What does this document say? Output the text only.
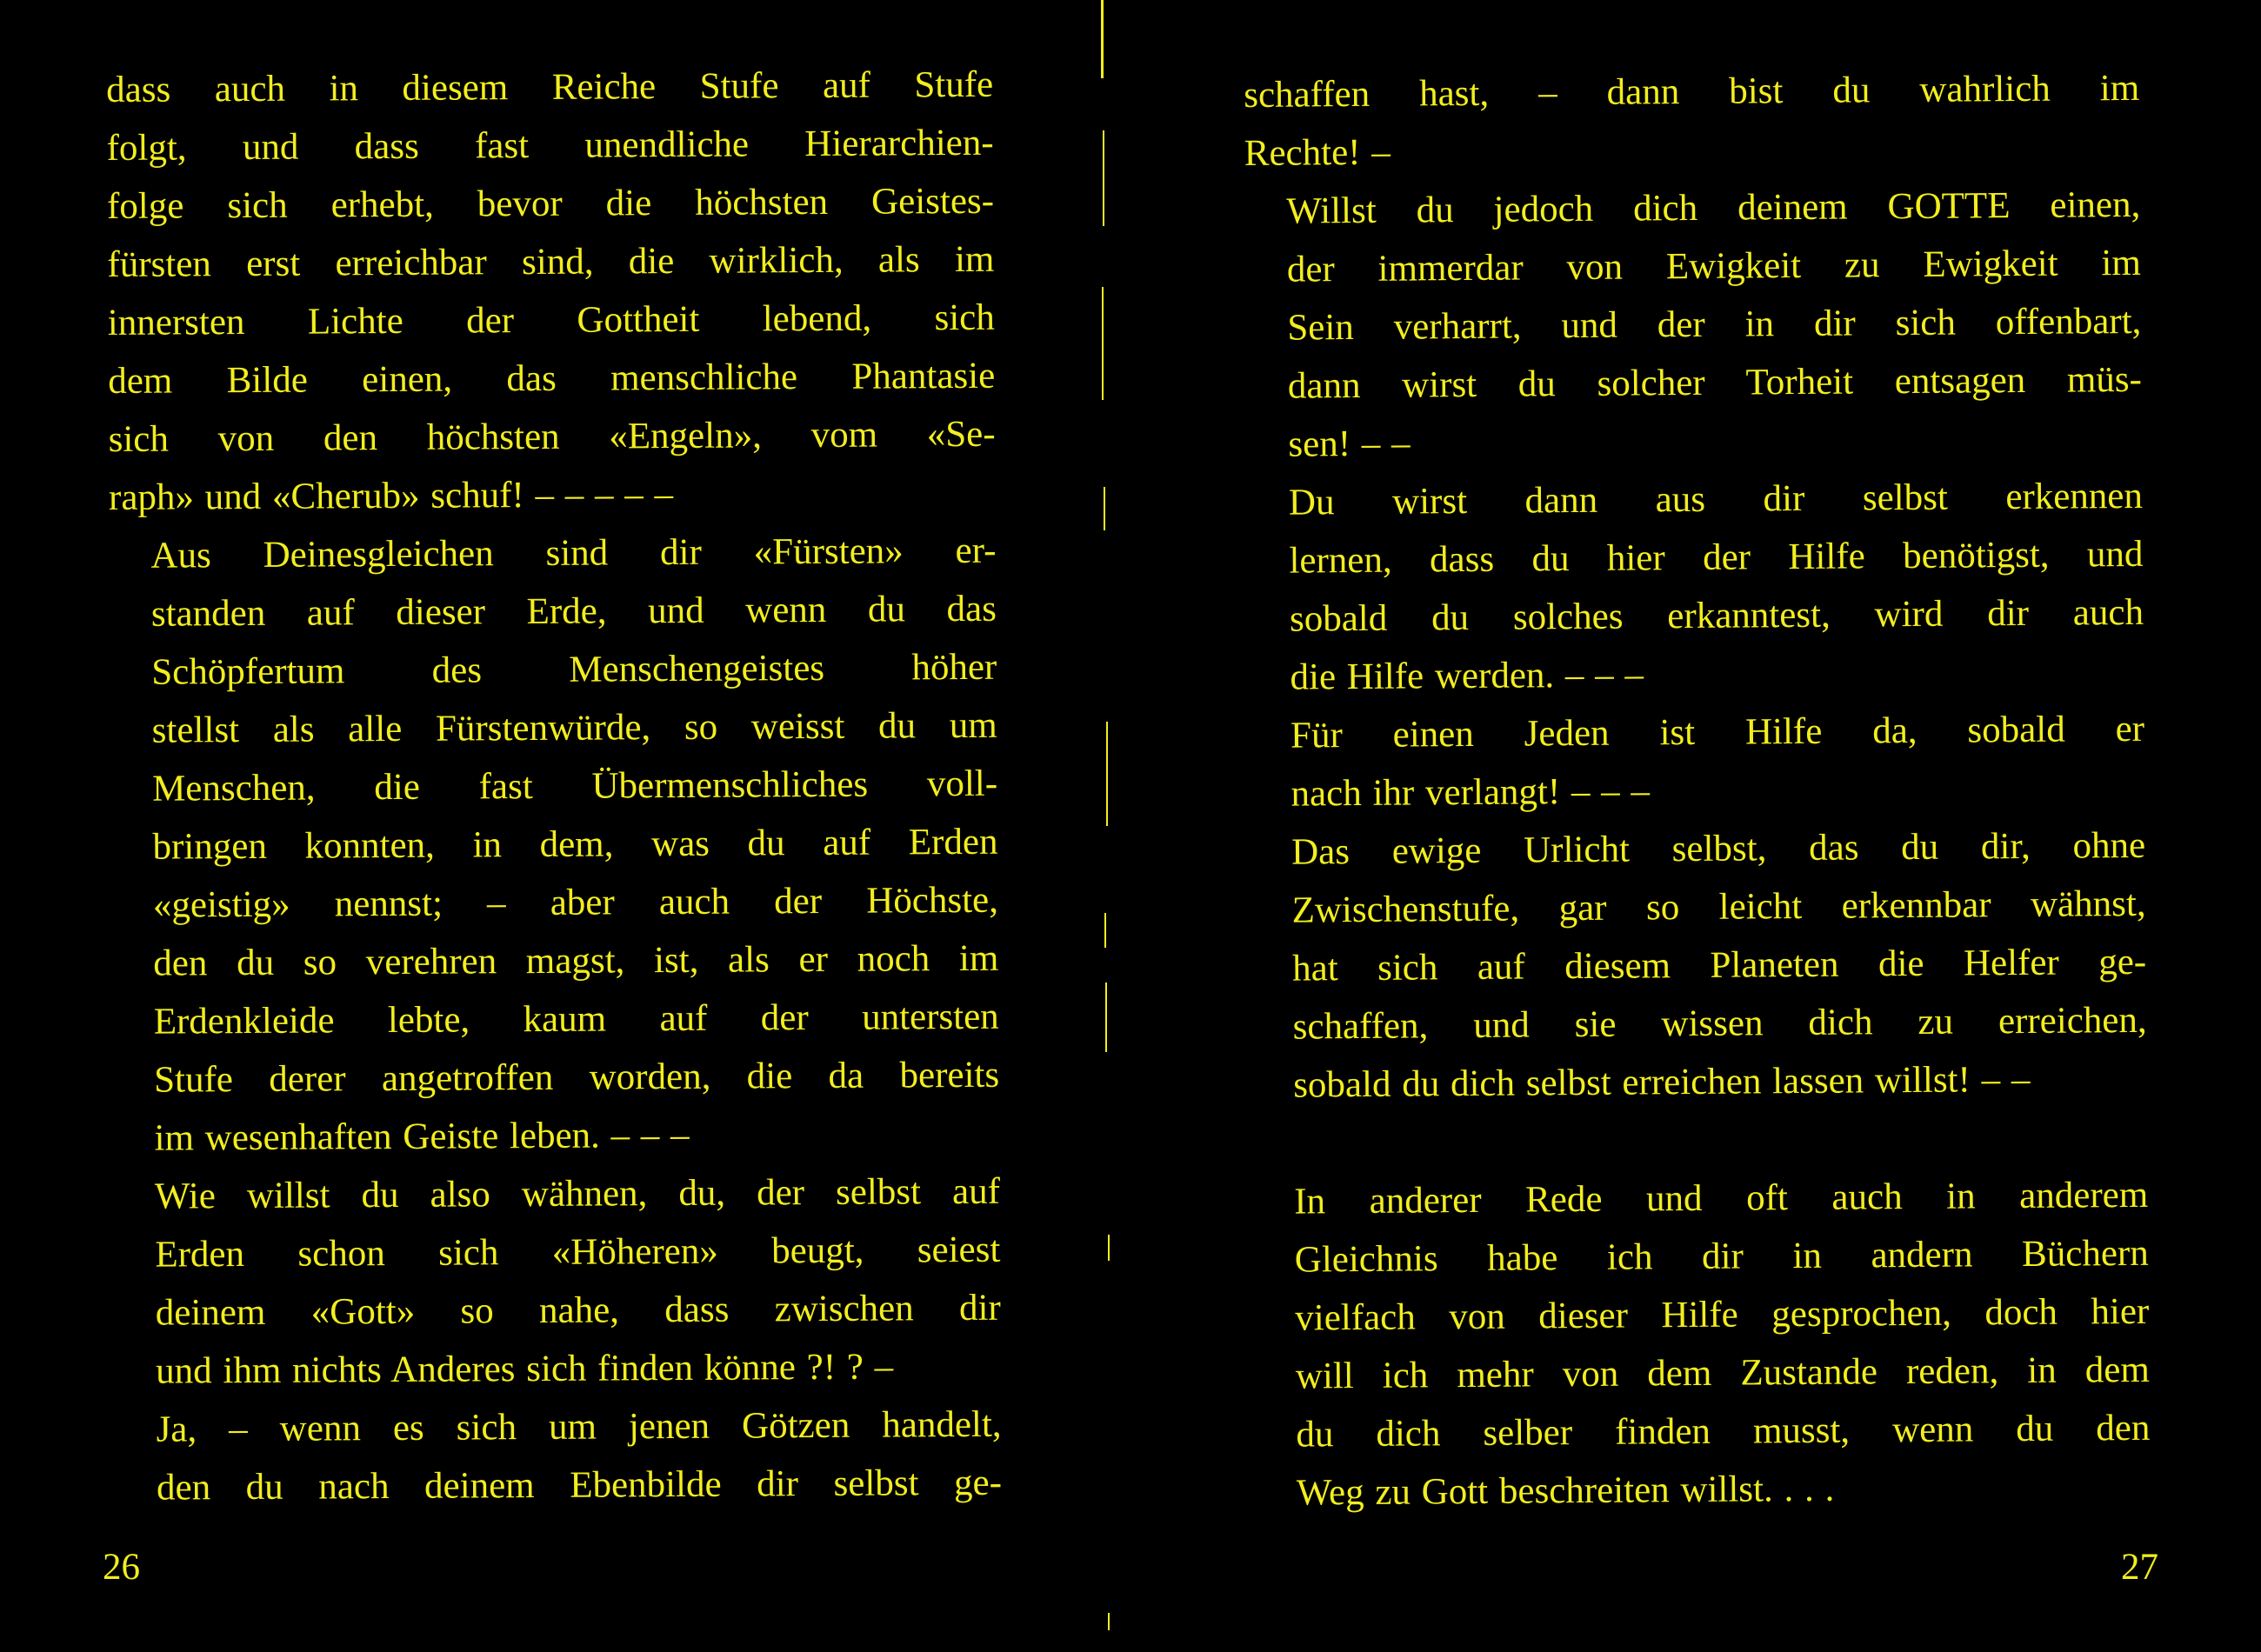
dass auch in diesem Reiche Stufe auf Stufe
folgt, und dass fast unendliche Hierarchien-
folge sich erhebt, bevor die höchsten Geistes-
fürsten erst erreichbar sind, die wirklich, als im
innersten Lichte der Gottheit lebend, sich
dem Bilde einen, das menschliche Phantasie
sich von den höchsten «Engeln», vom «Se-
raph» und «Cherub» schuf! – – – – –

Aus Deinesgleichen sind dir «Fürsten» er-
standen auf dieser Erde, und wenn du das
Schöpfertum des Menschengeistes höher
stellst als alle Fürstenwürde, so weisst du um
Menschen, die fast Übermenschliches voll-
bringen konnten, in dem, was du auf Erden
«geistig» nennst; – aber auch der Höchste,
den du so verehren magst, ist, als er noch im
Erdenkleide lebte, kaum auf der untersten
Stufe derer angetroffen worden, die da bereits
im wesenhaften Geiste leben. – – –

Wie willst du also wähnen, du, der selbst auf
Erden schon sich «Höheren» beugt, seiest
deinem «Gott» so nahe, dass zwischen dir
und ihm nichts Anderes sich finden könne ?! ? –

Ja, – wenn es sich um jenen Götzen handelt,
den du nach deinem Ebenbilde dir selbst ge-

26

schaffen hast, – dann bist du wahrlich im
Rechte! –

Willst du jedoch dich deinem GOTTE einen,
der immerdar von Ewigkeit zu Ewigkeit im
Sein verharrt, und der in dir sich offenbart,
dann wirst du solcher Torheit entsagen müs-
sen! – –

Du wirst dann aus dir selbst erkennen
lernen, dass du hier der Hilfe benötigst, und
sobald du solches erkanntest, wird dir auch
die Hilfe werden. – – –

Für einen Jeden ist Hilfe da, sobald er
nach ihr verlangt! – – –

Das ewige Urlicht selbst, das du dir, ohne
Zwischenstufe, gar so leicht erkennbar wähnst,
hat sich auf diesem Planeten die Helfer ge-
schaffen, und sie wissen dich zu erreichen,
sobald du dich selbst erreichen lassen willst! – –

In anderer Rede und oft auch in anderem
Gleichnis habe ich dir in andern Büchern
vielfach von dieser Hilfe gesprochen, doch hier
will ich mehr von dem Zustande reden, in dem
du dich selber finden musst, wenn du den
Weg zu Gott beschreiten willst. . . .

27
